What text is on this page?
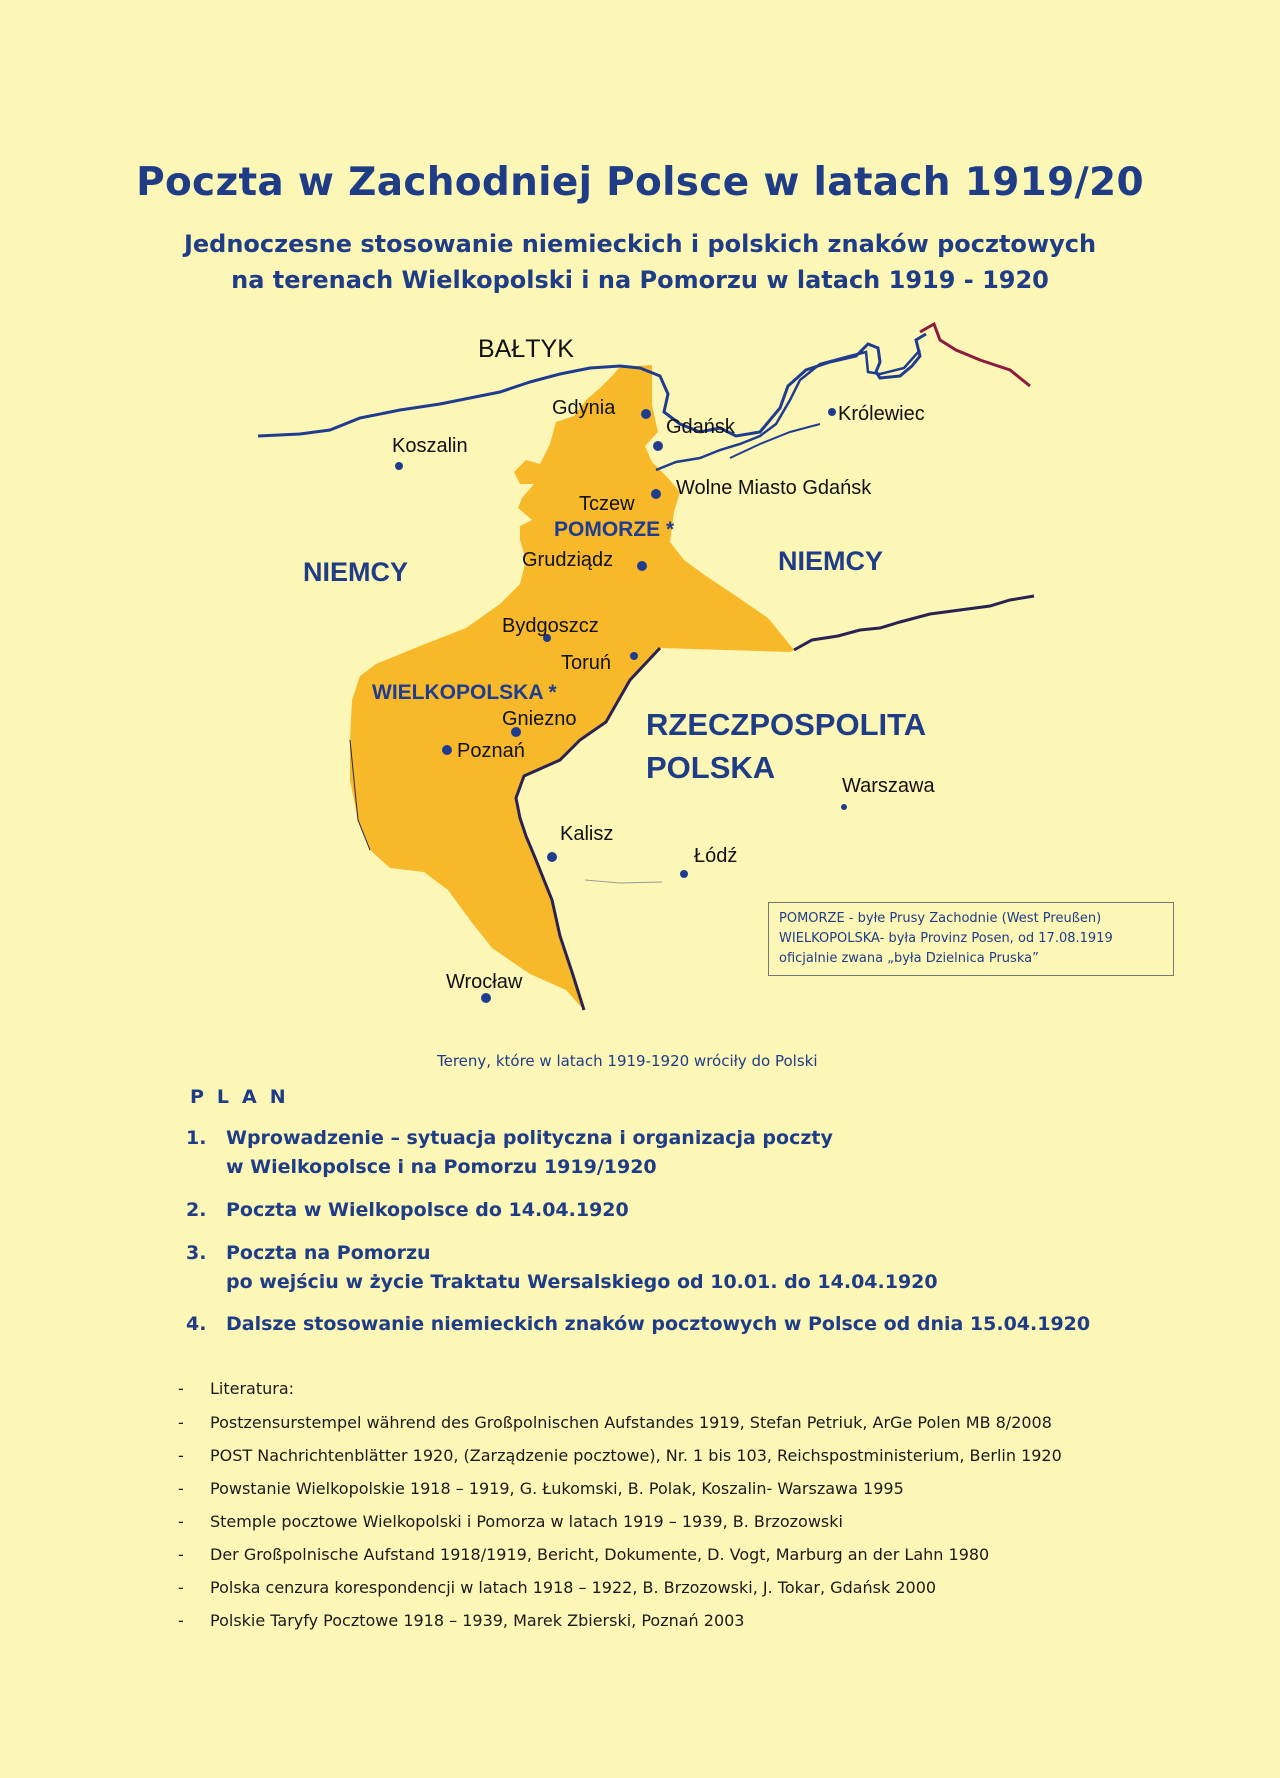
Poczta w Zachodniej Polsce w latach 1919/20
Jednoczesne stosowanie niemieckich i polskich znaków pocztowych
na terenach Wielkopolski i na Pomorzu w latach 1919 - 1920
BAŁTYK
NIEMCY	NIEMCY
RZECZPOSPOLITA
POLSKA
POMORZE *
WIELKOPOLSKA *
Gdynia
Gdańsk
Królewiec
Koszalin
Wolne Miasto Gdańsk
Tczew
Grudziądz
Bydgoszcz
Toruń
Gniezno
Poznań
Warszawa
Kalisz
Łódź
Wrocław
POMORZE - byłe Prusy Zachodnie (West Preußen)
WIELKOPOLSKA- była Provinz Posen, od 17.08.1919
oficjalnie zwana „była Dzielnica Pruska”
Tereny, które w latach 1919-1920 wróciły do Polski
PLAN
1. Wprowadzenie – sytuacja polityczna i organizacja poczty
w Wielkopolsce i na Pomorzu 1919/1920
2. Poczta w Wielkopolsce do 14.04.1920
3. Poczta na Pomorzu
po wejściu w życie Traktatu Wersalskiego od 10.01. do 14.04.1920
4. Dalsze stosowanie niemieckich znaków pocztowych w Polsce od dnia 15.04.1920
- Literatura:
- Postzensurstempel während des Großpolnischen Aufstandes 1919, Stefan Petriuk, ArGe Polen MB 8/2008
- POST Nachrichtenblätter 1920, (Zarządzenie pocztowe), Nr. 1 bis 103, Reichspostministerium, Berlin 1920
- Powstanie Wielkopolskie 1918 – 1919, G. Łukomski, B. Polak, Koszalin- Warszawa 1995
- Stemple pocztowe Wielkopolski i Pomorza w latach 1919 – 1939, B. Brzozowski
- Der Großpolnische Aufstand 1918/1919, Bericht, Dokumente, D. Vogt, Marburg an der Lahn 1980
- Polska cenzura korespondencji w latach 1918 – 1922, B. Brzozowski, J. Tokar, Gdańsk 2000
- Polskie Taryfy Pocztowe 1918 – 1939, Marek Zbierski, Poznań 2003
